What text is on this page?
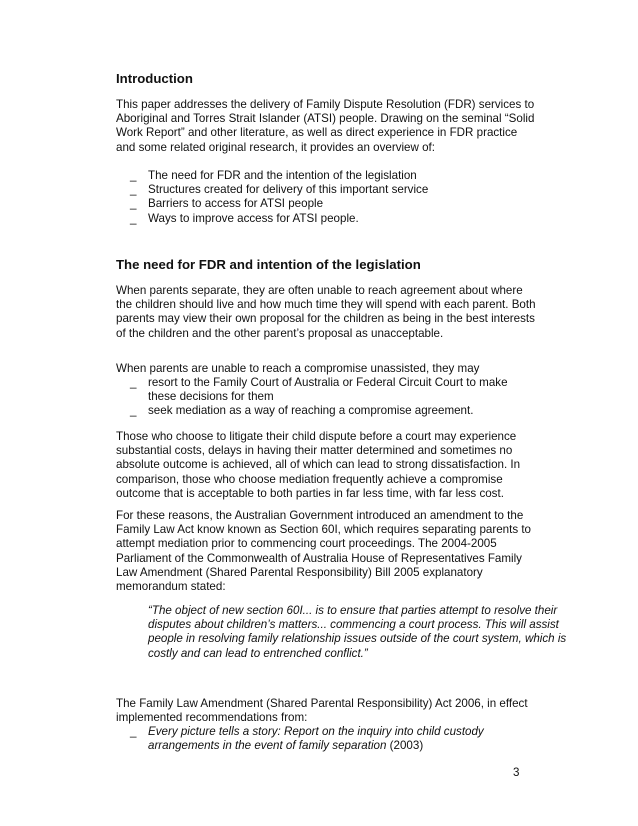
Introduction

This paper addresses the delivery of Family Dispute Resolution (FDR) services to Aboriginal and Torres Strait Islander (ATSI) people. Drawing on the seminal “Solid Work Report” and other literature, as well as direct experience in FDR practice and some related original research, it provides an overview of:

_ The need for FDR and the intention of the legislation
_ Structures created for delivery of this important service
_ Barriers to access for ATSI people
_ Ways to improve access for ATSI people.
The need for FDR and intention of the legislation

When parents separate, they are often unable to reach agreement about where the children should live and how much time they will spend with each parent. Both parents may view their own proposal for the children as being in the best interests of the children and the other parent’s proposal as unacceptable.

When parents are unable to reach a compromise unassisted, they may

_ resort to the Family Court of Australia or Federal Circuit Court to make these decisions for them
_ seek mediation as a way of reaching a compromise agreement.

Those who choose to litigate their child dispute before a court may experience substantial costs, delays in having their matter determined and sometimes no absolute outcome is achieved, all of which can lead to strong dissatisfaction. In comparison, those who choose mediation frequently achieve a compromise outcome that is acceptable to both parties in far less time, with far less cost.

For these reasons, the Australian Government introduced an amendment to the Family Law Act know known as Section 60I, which requires separating parents to attempt mediation prior to commencing court proceedings. The 2004-2005 Parliament of the Commonwealth of Australia House of Representatives Family Law Amendment (Shared Parental Responsibility) Bill 2005 explanatory memorandum stated:

“The object of new section 60I... is to ensure that parties attempt to resolve their disputes about children’s matters... commencing a court process. This will assist people in resolving family relationship issues outside of the court system, which is costly and can lead to entrenched conflict.”

The Family Law Amendment (Shared Parental Responsibility) Act 2006, in effect implemented recommendations from:

_ Every picture tells a story: Report on the inquiry into child custody arrangements in the event of family separation (2003)
3
